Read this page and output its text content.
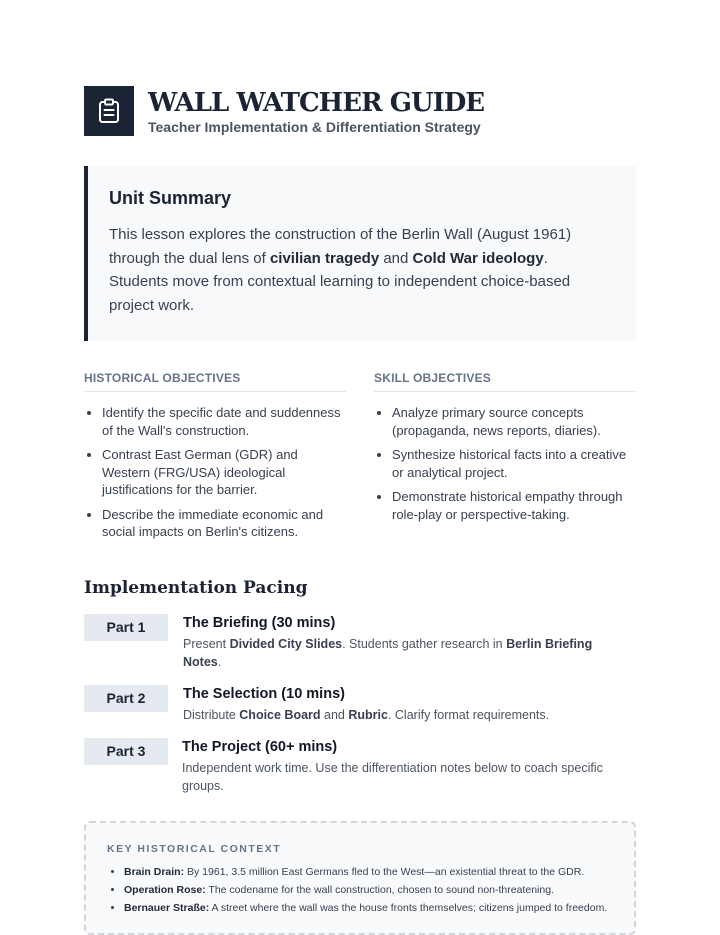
WALL WATCHER GUIDE
Teacher Implementation & Differentiation Strategy
Unit Summary

This lesson explores the construction of the Berlin Wall (August 1961) through the dual lens of civilian tragedy and Cold War ideology. Students move from contextual learning to independent choice-based project work.

HISTORICAL OBJECTIVES
• Identify the specific date and suddenness of the Wall's construction.
• Contrast East German (GDR) and Western (FRG/USA) ideological justifications for the barrier.
• Describe the immediate economic and social impacts on Berlin's citizens.
SKILL OBJECTIVES
• Analyze primary source concepts (propaganda, news reports, diaries).
• Synthesize historical facts into a creative or analytical project.
• Demonstrate historical empathy through role-play or perspective-taking.
Implementation Pacing
Part 1	The Briefing (30 mins)
Present Divided City Slides. Students gather research in Berlin Briefing Notes.
Part 2	The Selection (10 mins)
Distribute Choice Board and Rubric. Clarify format requirements.
Part 3	The Project (60+ mins)
Independent work time. Use the differentiation notes below to coach specific groups.
KEY HISTORICAL CONTEXT
• Brain Drain: By 1961, 3.5 million East Germans fled to the West—an existential threat to the GDR.
• Operation Rose: The codename for the wall construction, chosen to sound non-threatening.
• Bernauer Straße: A street where the wall was the house fronts themselves; citizens jumped to freedom.
